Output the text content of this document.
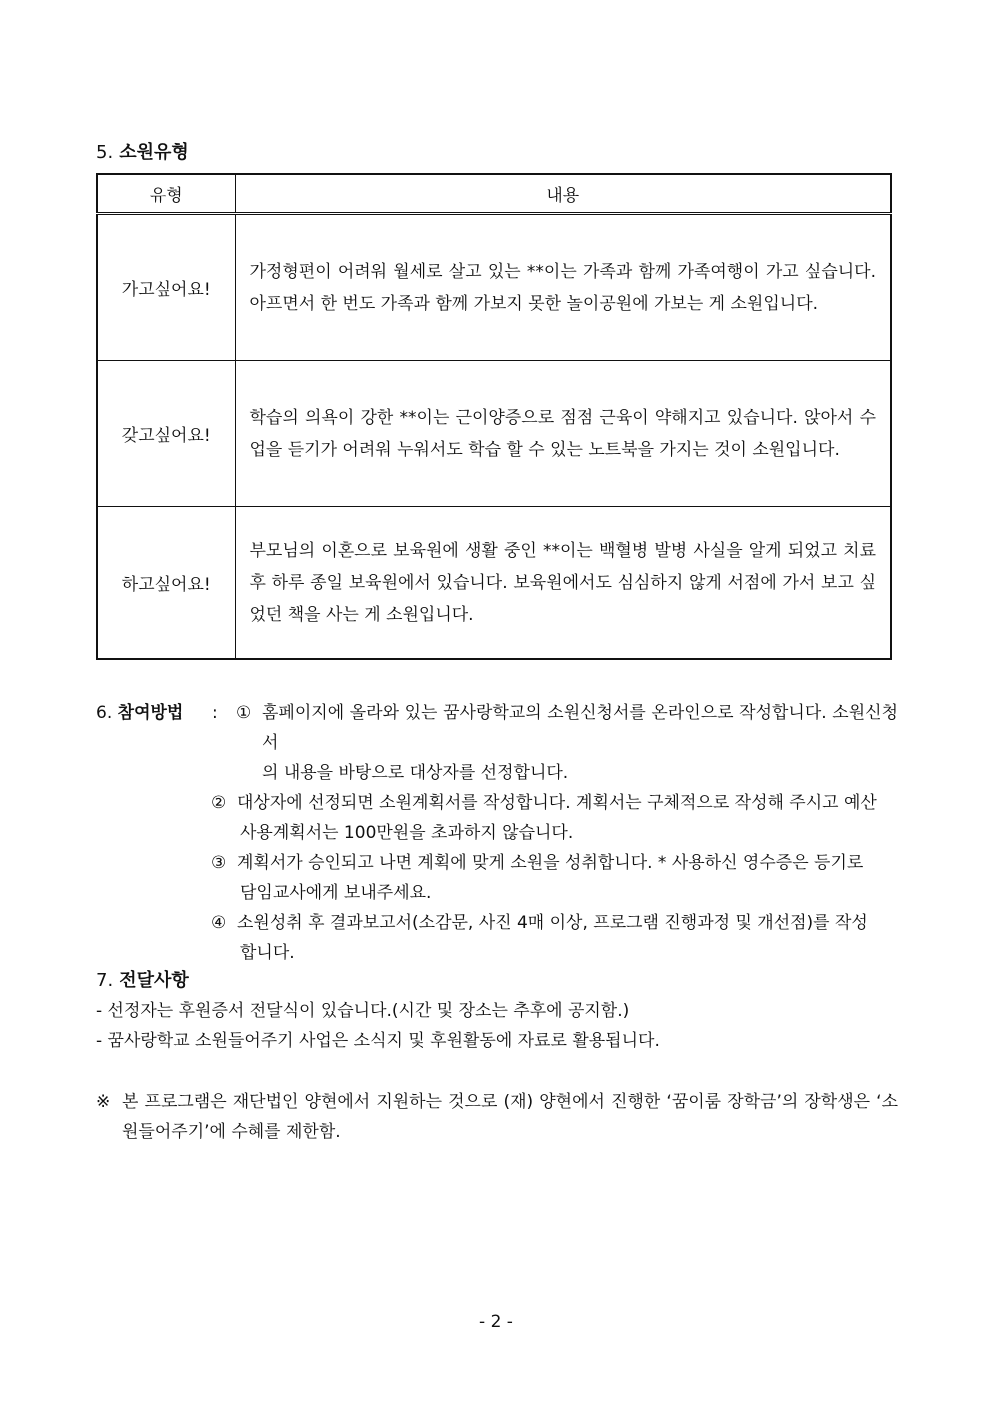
5. 소원유형
유형	내용
가고싶어요!	가정형편이 어려워 월세로 살고 있는 **이는 가족과 함께 가족여행이 가고 싶습니다. 아프면서 한 번도 가족과 함께 가보지 못한 놀이공원에 가보는 게 소원입니다.
갖고싶어요!	학습의 의욕이 강한 **이는 근이양증으로 점점 근육이 약해지고 있습니다. 앉아서 수업을 듣기가 어려워 누워서도 학습 할 수 있는 노트북을 가지는 것이 소원입니다.
하고싶어요!	부모님의 이혼으로 보육원에 생활 중인 **이는 백혈병 발병 사실을 알게 되었고 치료 후 하루 종일 보육원에서 있습니다. 보육원에서도 심심하지 않게 서점에 가서 보고 싶었던 책을 사는 게 소원입니다.
6. 참여방법	:	① 홈페이지에 올라와 있는 꿈사랑학교의 소원신청서를 온라인으로 작성합니다. 소원신청서
의 내용을 바탕으로 대상자를 선정합니다.
② 대상자에 선정되면 소원계획서를 작성합니다. 계획서는 구체적으로 작성해 주시고 예산
사용계획서는 100만원을 초과하지 않습니다.
③ 계획서가 승인되고 나면 계획에 맞게 소원을 성취합니다. * 사용하신 영수증은 등기로
담임교사에게 보내주세요.
④ 소원성취 후 결과보고서(소감문, 사진 4매 이상, 프로그램 진행과정 및 개선점)를 작성
합니다.
7. 전달사항
- 선정자는 후원증서 전달식이 있습니다.(시간 및 장소는 추후에 공지함.)
- 꿈사랑학교 소원들어주기 사업은 소식지 및 후원활동에 자료로 활용됩니다.
※ 본 프로그램은 재단법인 양현에서 지원하는 것으로 (재) 양현에서 진행한 ‘꿈이룸 장학금’의 장학생은 ‘소원들어주기’에 수혜를 제한함.
- 2 -
